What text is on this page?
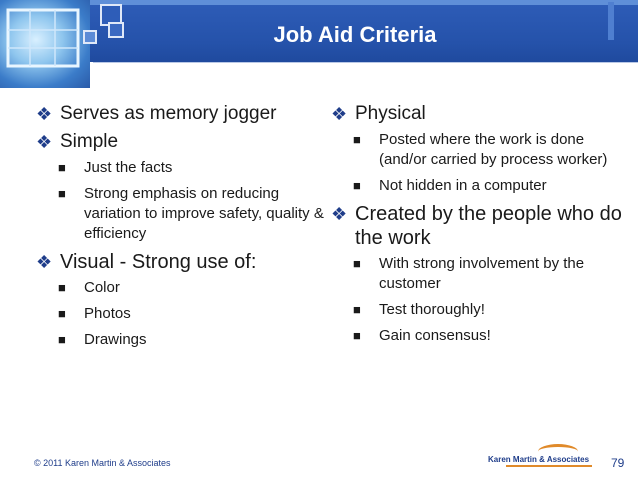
Job Aid Criteria
❖ Serves as memory jogger
❖ Simple
■ Just the facts
■ Strong emphasis on reducing variation to improve safety, quality & efficiency
❖ Visual - Strong use of:
■ Color
■ Photos
■ Drawings
❖ Physical
■ Posted where the work is done (and/or carried by process worker)
■ Not hidden in a computer
❖ Created by the people who do the work
■ With strong involvement by the customer
■ Test thoroughly!
■ Gain consensus!
© 2011 Karen Martin & Associates	Karen Martin & Associates 79
